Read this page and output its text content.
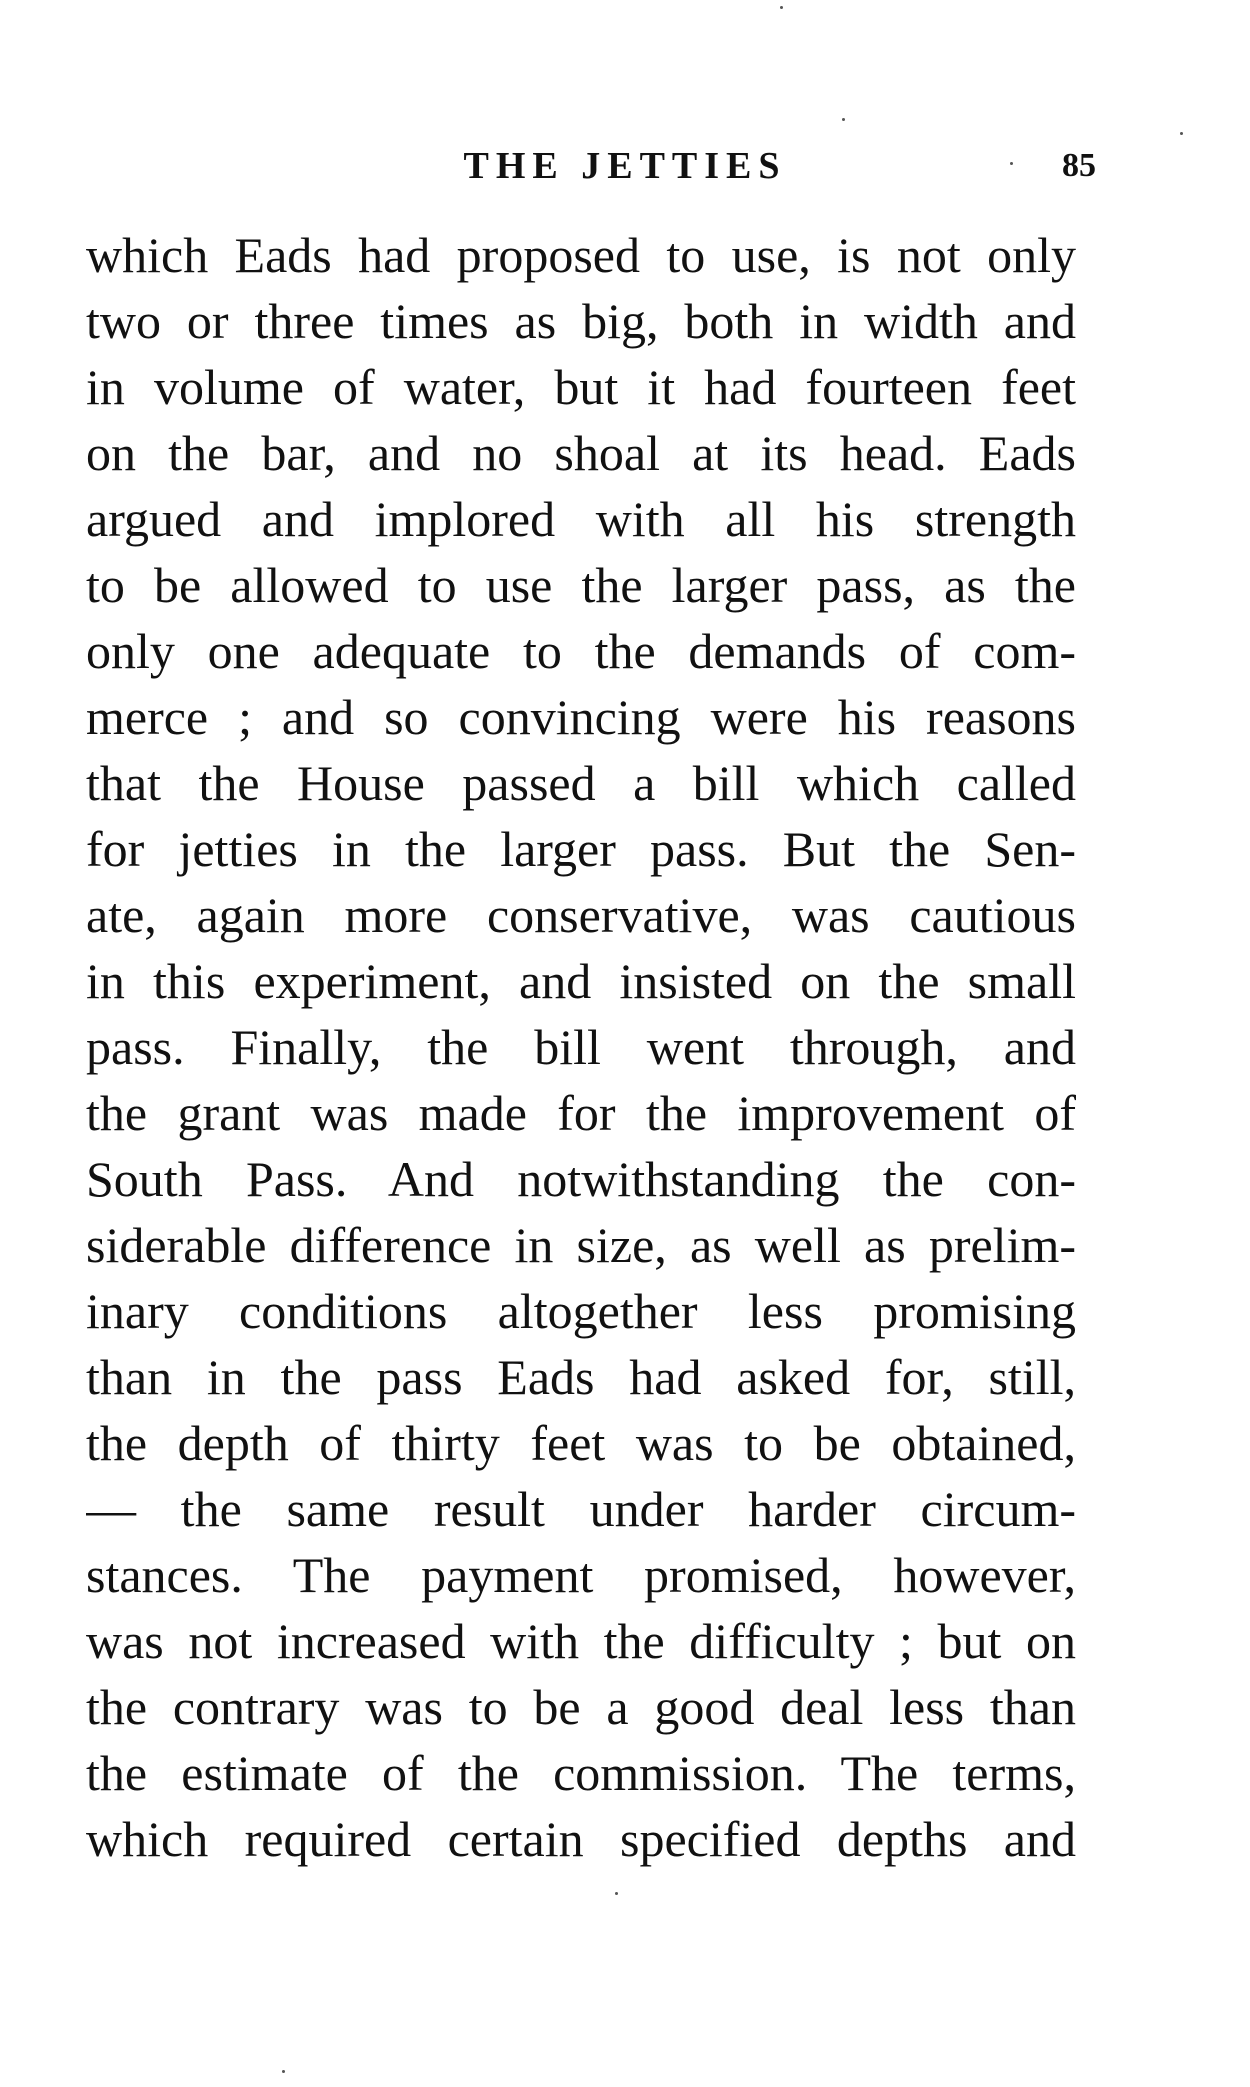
THE JETTIES	85
which Eads had proposed to use, is not only
two or three times as big, both in width and
in volume of water, but it had fourteen feet
on the bar, and no shoal at its head. Eads
argued and implored with all his strength
to be allowed to use the larger pass, as the
only one adequate to the demands of com-
merce ; and so convincing were his reasons
that the House passed a bill which called
for jetties in the larger pass. But the Sen-
ate, again more conservative, was cautious
in this experiment, and insisted on the small
pass. Finally, the bill went through, and
the grant was made for the improvement of
South Pass. And notwithstanding the con-
siderable difference in size, as well as prelim-
inary conditions altogether less promising
than in the pass Eads had asked for, still,
the depth of thirty feet was to be obtained,
— the same result under harder circum-
stances. The payment promised, however,
was not increased with the difficulty ; but on
the contrary was to be a good deal less than
the estimate of the commission. The terms,
which required certain specified depths and
